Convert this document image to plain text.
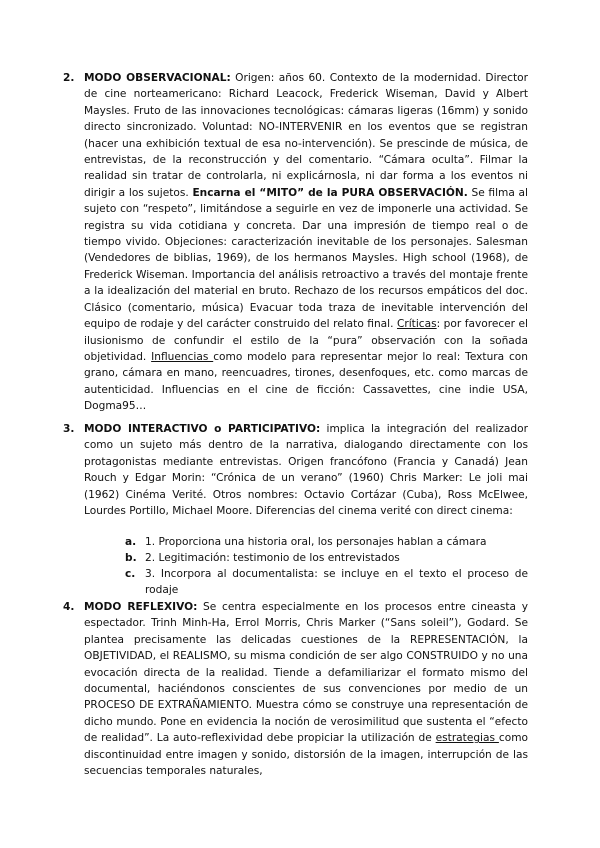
2. MODO OBSERVACIONAL: Origen: años 60. Contexto de la modernidad. Director de cine norteamericano: Richard Leacock, Frederick Wiseman, David y Albert Maysles. Fruto de las innovaciones tecnológicas: cámaras ligeras (16mm) y sonido directo sincronizado. Voluntad: NO-INTERVENIR en los eventos que se registran (hacer una exhibición textual de esa no-intervención). Se prescinde de música, de entrevistas, de la reconstrucción y del comentario. “Cámara oculta”. Filmar la realidad sin tratar de controlarla, ni explicárnosla, ni dar forma a los eventos ni dirigir a los sujetos. Encarna el “MITO” de la PURA OBSERVACIÓN. Se filma al sujeto con “respeto”, limitándose a seguirle en vez de imponerle una actividad. Se registra su vida cotidiana y concreta. Dar una impresión de tiempo real o de tiempo vivido. Objeciones: caracterización inevitable de los personajes. Salesman (Vendedores de biblias, 1969), de los hermanos Maysles. High school (1968), de Frederick Wiseman. Importancia del análisis retroactivo a través del montaje frente a la idealización del material en bruto. Rechazo de los recursos empáticos del doc. Clásico (comentario, música) Evacuar toda traza de inevitable intervención del equipo de rodaje y del carácter construido del relato final. Críticas: por favorecer el ilusionismo de confundir el estilo de la “pura” observación con la soñada objetividad. Influencias como modelo para representar mejor lo real: Textura con grano, cámara en mano, reencuadres, tirones, desenfoques, etc. como marcas de autenticidad. Influencias en el cine de ficción: Cassavettes, cine indie USA, Dogma95…
3. MODO INTERACTIVO o PARTICIPATIVO: implica la integración del realizador como un sujeto más dentro de la narrativa, dialogando directamente con los protagonistas mediante entrevistas. Origen francófono (Francia y Canadá) Jean Rouch y Edgar Morin: “Crónica de un verano” (1960) Chris Marker: Le joli mai (1962) Cinéma Verité. Otros nombres: Octavio Cortázar (Cuba), Ross McElwee, Lourdes Portillo, Michael Moore. Diferencias del cinema verité con direct cinema:
a. 1. Proporciona una historia oral, los personajes hablan a cámara
b. 2. Legitimación: testimonio de los entrevistados
c. 3. Incorpora al documentalista: se incluye en el texto el proceso de rodaje
4. MODO REFLEXIVO: Se centra especialmente en los procesos entre cineasta y espectador. Trinh Minh-Ha, Errol Morris, Chris Marker (“Sans soleil”), Godard. Se plantea precisamente las delicadas cuestiones de la REPRESENTACIÓN, la OBJETIVIDAD, el REALISMO, su misma condición de ser algo CONSTRUIDO y no una evocación directa de la realidad. Tiende a defamiliarizar el formato mismo del documental, haciéndonos conscientes de sus convenciones por medio de un PROCESO DE EXTRAÑAMIENTO. Muestra cómo se construye una representación de dicho mundo. Pone en evidencia la noción de verosimilitud que sustenta el “efecto de realidad”. La auto-reflexividad debe propiciar la utilización de estrategias como discontinuidad entre imagen y sonido, distorsión de la imagen, interrupción de las secuencias temporales naturales,
